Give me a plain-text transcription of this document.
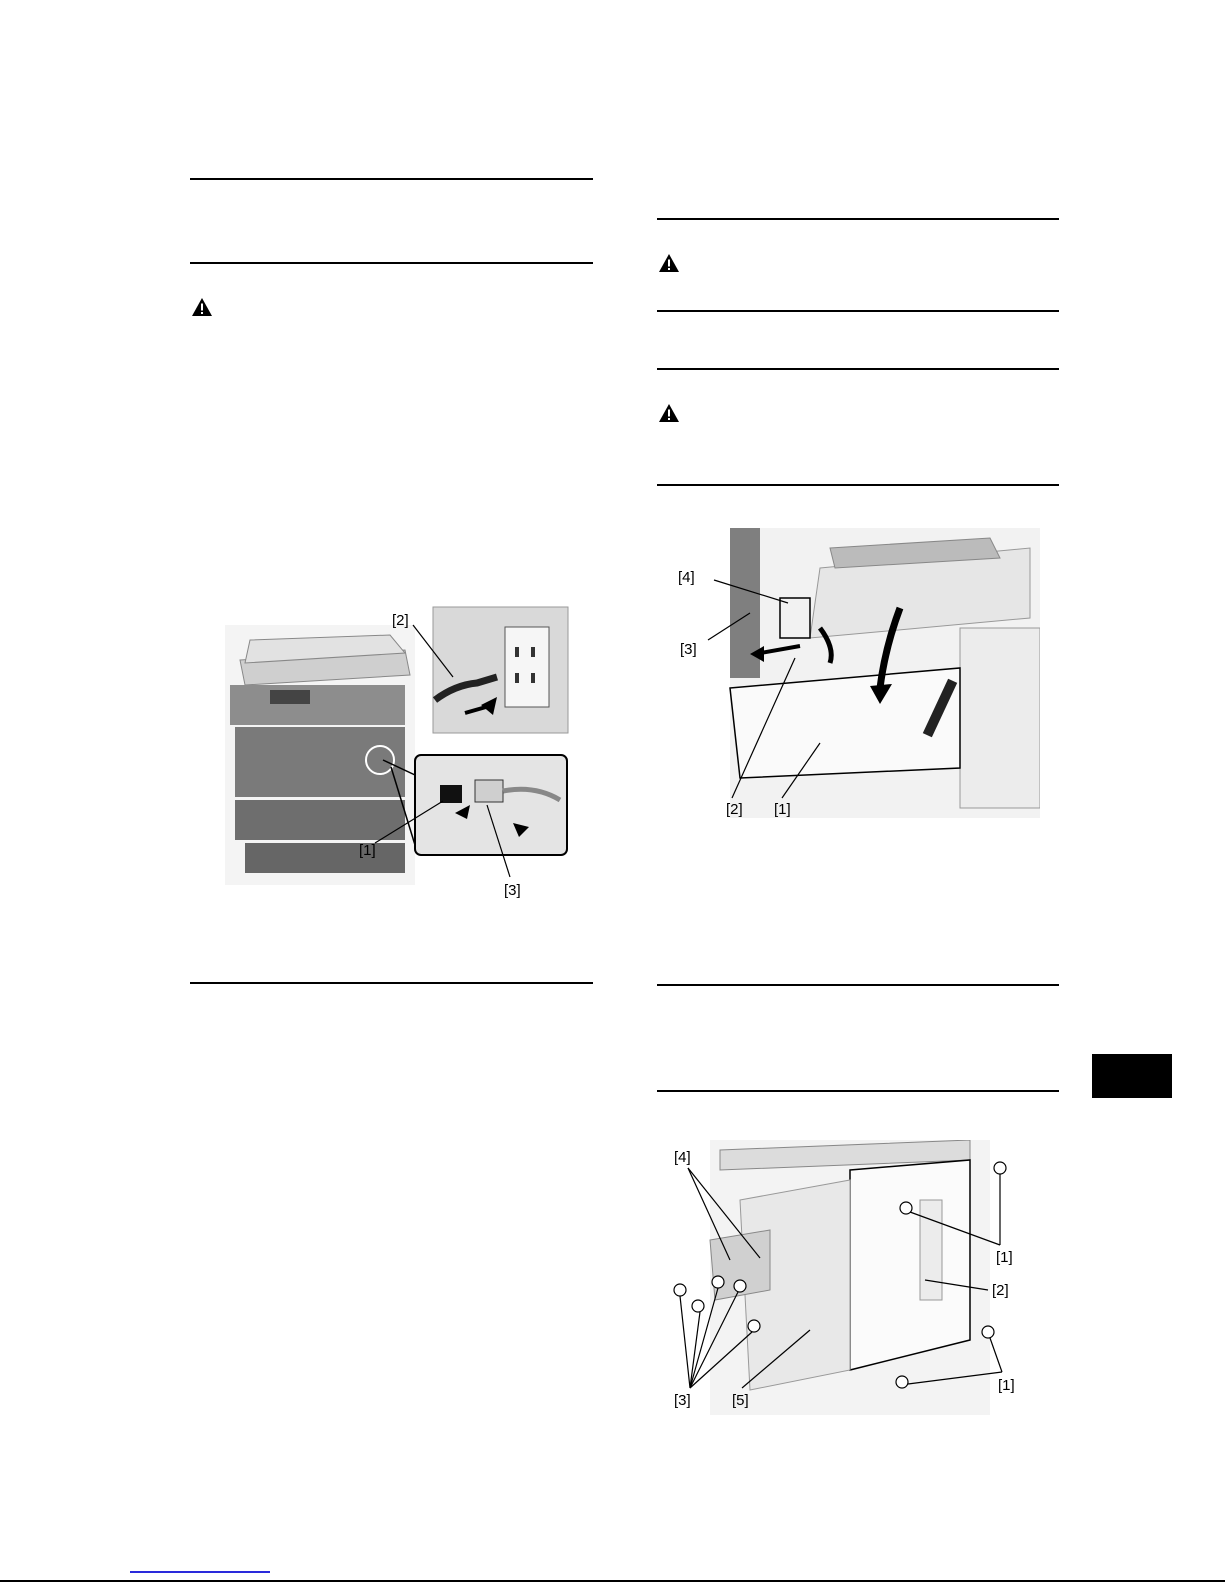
[1]
[2]
[3]
[1]
[2]
[3]
[4]
[1]
[1]
[2]
[3]
[4]
[5]
